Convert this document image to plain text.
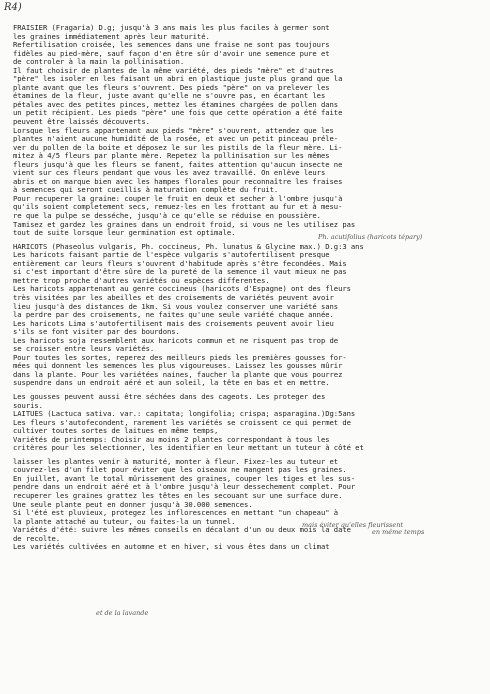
R4)
FRAISIER (Fragaria) D.g; jusqu'à 3 ans mais les plus faciles à germer sont
les graines immédiatement après leur maturité.
Refertilisation croisée, les semences dans une fraise ne sont pas toujours
fidèles au pied-mère, sauf façon d'en être sûr d'avoir une semence pure et
de controler à la main la pollinisation.
Il faut choisir de plantes de la même variété, des pieds "mère" et d'autres
"père" les isoler en les faisant un abri en plastique juste plus grand que la
plante avant que les fleurs s'ouvrent. Des pieds "père" on va prelever les
étamines de la fleur, juste avant qu'elle ne s'ouvre pas, en écartant les
pétales avec des petites pinces, mettez les étamines chargées de pollen dans
un petit récipient. Les pieds "père" une fois que cette opération a été faite
peuvent être laissés découverts.
Lorsque les fleurs appartenant aux pieds "mère" s'ouvrent, attendez que les
plantes n'aient aucune humidité de la rosée, et avec un petit pinceau préle-
ver du pollen de la boite et déposez le sur les pistils de la fleur mère. Li-
mitez à 4/5 fleurs par plante mère. Repetez la pollinisation sur les mêmes
fleurs jusqu'à que les fleurs se fanent, faites attention qu'aucun insecte ne
vient sur ces fleurs pendant que vous les avez travaillé. On enlève leurs
abris et on marque bien avec les hampes florales pour reconnaître les fraises
à semences qui seront cueillis à maturation complète du fruit.
Pour recuperer la graine: couper le fruit en deux et secher à l'ombre jusqu'à
qu'ils soient completement secs, remuez-les en les frottant au fur et à mesu-
re que la pulpe se desséche, jusqu'à ce qu'elle se réduise en poussière.
Tamisez et gardez les graines dans un endroit froid, si vous ne les utilisez pas
tout de suite lorsque leur germination est optimale.
HARICOTS (Phaseolus vulgaris, Ph. coccineus, Ph. lunatus & Glycine max.) D.g:3 ans
Les haricots faisant partie de l'espèce vulgaris s'autofertilisent presque
entièrement car leurs fleurs s'ouvrent d'habitude après s'être fecondées. Mais
si c'est important d'être sûre de la pureté de la semence il vaut mieux ne pas
mettre trop proche d'autres variétés ou espèces differentes.
Les haricots appartenant au genre coccineus (haricots d'Espagne) ont des fleurs
très visitées par les abeilles et des croisements de variétés peuvent avoir
lieu jusqu'à des distances de 1km. Si vous voulez conserver une variété sans
la perdre par des croisements, ne faites qu'une seule variété chaque année.
Les haricots Lima s'autofertilisent mais des croisements peuvent avoir lieu
s'ils se font visiter par des bourdons.
Les haricots soja ressemblent aux haricots commun et ne risquent pas trop de
se croisser entre leurs variétés.
Pour toutes les sortes, reperez des meilleurs pieds les premières gousses for-
mées qui donnent les semences les plus vigoureuses. Laissez les gousses mûrir
dans la plante. Pour les variétées naines, faucher la plante que vous pourrez
suspendre dans un endroit aéré et aun soleil, la tête en bas et en mettre.
Les gousses peuvent aussi être séchées dans des cageots. Les proteger des
souris.
LAITUES (Lactuca sativa. var.: capitata; longifolia; crispa; asparagina.)Dg:5ans
Les fleurs s'autofecondent, rarement les variétés se croissent ce qui permet de
cultiver toutes sortes de laitues en même temps,
Variétés de printemps: Choisir au moins 2 plantes correspondant à tous les
critères pour les selectionner, les identifier en leur mettant un tuteur à côté et
laisser les plantes venir à maturité, monter à fleur. Fixez-les au tuteur et
couvrez-les d'un filet pour éviter que les oiseaux ne mangent pas les graines.
En juillet, avant le total mûrissement des graines, couper les tiges et les sus-
pendre dans un endroit aéré et à l'ombre jusqu'à leur dessechement complet. Pour
recuperer les graines grattez les têtes en les secouant sur une surface dure.
Une seule plante peut en donner jusqu'à 30.000 semences.
Si l'été est pluvieux, protegez les inflorescences en mettant "un chapeau" à
la plante attaché au tuteur, ou faites-la un tunnel.
Variétés d'été: suivre les mêmes conseils en décalant d'un ou deux mois la date
de recolte.
Les variétés cultivées en automne et en hiver, si vous êtes dans un climat
Ph. acutifolius (haricots tépary)
mais éviter qu'elles fleurissent
en même temps
et de la lavande
